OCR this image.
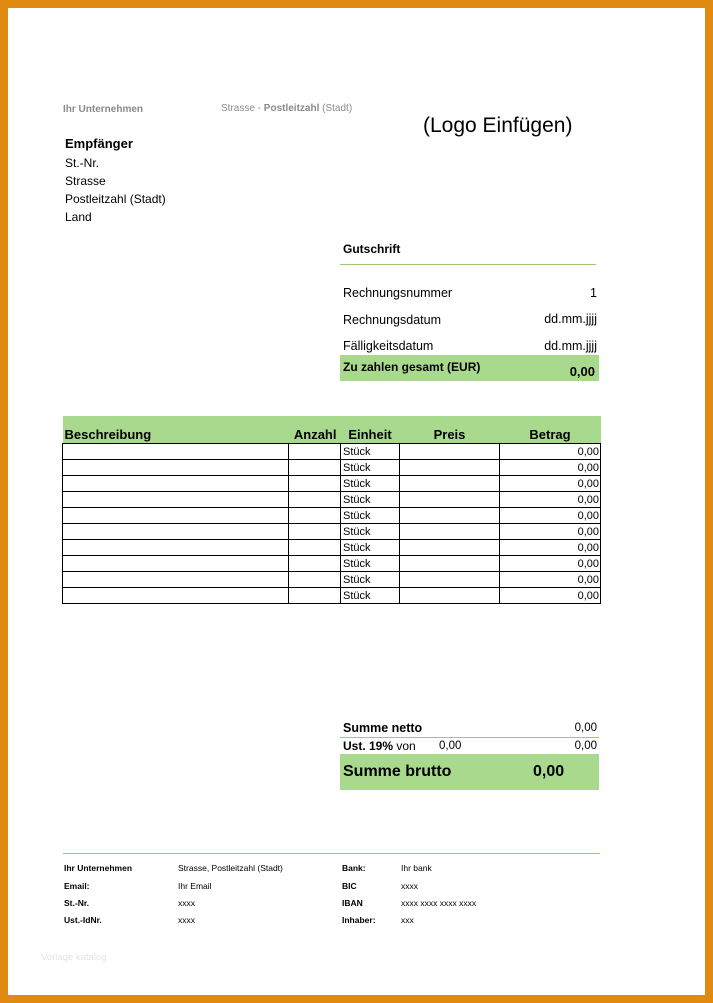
Ihr Unternehmen	Strasse - Postleitzahl (Stadt)
(Logo Einfügen)
Empfänger
St.-Nr.
Strasse
Postleitzahl (Stadt)
Land
Gutschrift
Rechnungsnummer	1
Rechnungsdatum	dd.mm.jjjj
Fälligkeitsdatum	dd.mm.jjjj
Zu zahlen gesamt (EUR)	0,00
Beschreibung	Anzahl	Einheit	Preis	Betrag
		Stück		0,00
		Stück		0,00
		Stück		0,00
		Stück		0,00
		Stück		0,00
		Stück		0,00
		Stück		0,00
		Stück		0,00
		Stück		0,00
		Stück		0,00
Summe netto	0,00
Ust. 19% von 0,00	0,00
Summe brutto	0,00
Ihr Unternehmen	Strasse, Postleitzahl (Stadt)	Bank:	Ihr bank
Email:	Ihr Email	BIC	xxxx
St.-Nr.	xxxx	IBAN	xxxx xxxx xxxx xxxx
Ust.-IdNr.	xxxx	Inhaber:	xxx
Vorlage katalog
